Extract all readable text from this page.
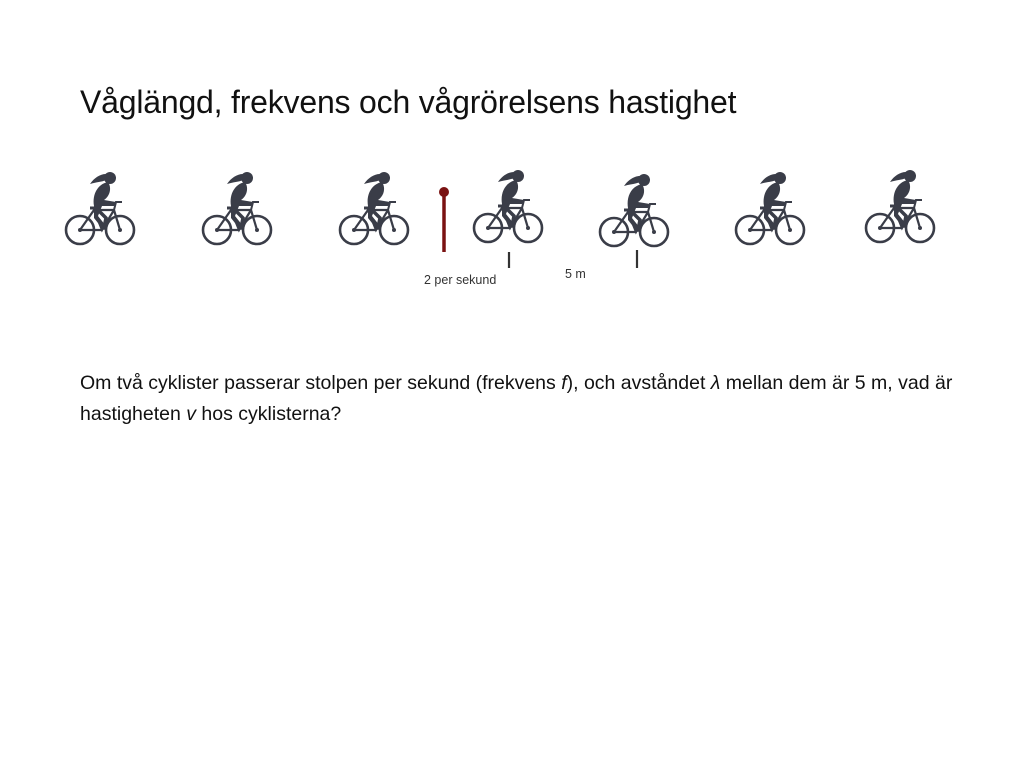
Våglängd, frekvens och vågrörelsens hastighet
2 per sekund	5 m

Om två cyklister passerar stolpen per sekund (frekvens f), och avståndet λ mellan dem är 5 m, vad är hastigheten v hos cyklisterna?
